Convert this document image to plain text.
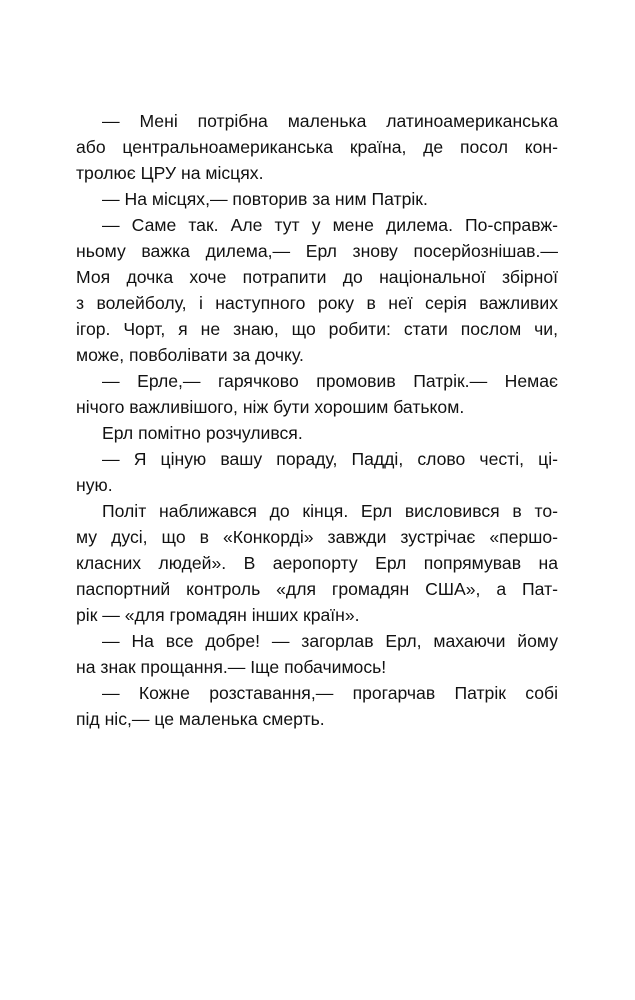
— Мені потрібна маленька латиноамериканська
або центральноамериканська країна, де посол кон-
тролює ЦРУ на місцях.
— На місцях,— повторив за ним Патрік.
— Саме так. Але тут у мене дилема. По-справж-
ньому важка дилема,— Ерл знову посерйознішав.—
Моя дочка хоче потрапити до національної збірної
з волейболу, і наступного року в неї серія важливих
ігор. Чорт, я не знаю, що робити: стати послом чи,
може, повболівати за дочку.
— Ерле,— гарячково промовив Патрік.— Немає
нічого важливішого, ніж бути хорошим батьком.
Ерл помітно розчулився.
— Я ціную вашу пораду, Падді, слово честі, ці-
ную.
Політ наближався до кінця. Ерл висловився в то-
му дусі, що в «Конкорді» завжди зустрічає «першо-
класних людей». В аеропорту Ерл попрямував на
паспортний контроль «для громадян США», а Пат-
рік — «для громадян інших країн».
— На все добре! — загорлав Ерл, махаючи йому
на знак прощання.— Іще побачимось!
— Кожне розставання,— прогарчав Патрік собі
під ніс,— це маленька смерть.
